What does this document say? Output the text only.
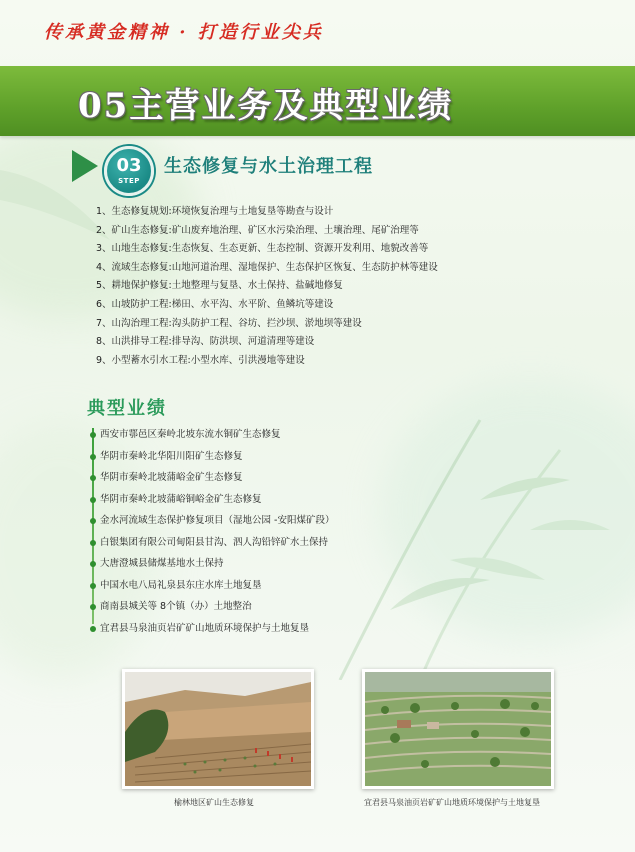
传承黄金精神 · 打造行业尖兵
05主营业务及典型业绩
03
STEP
生态修复与水土治理工程
1、生态修复规划:环境恢复治理与土地复垦等勘查与设计
2、矿山生态修复:矿山废弃地治理、矿区水污染治理、土壤治理、尾矿治理等
3、山地生态修复:生态恢复、生态更新、生态控制、资源开发利用、地貌改善等
4、流域生态修复:山地河道治理、湿地保护、生态保护区恢复、生态防护林等建设
5、耕地保护修复:土地整理与复垦、水土保持、盐碱地修复
6、山坡防护工程:梯田、水平沟、水平阶、鱼鳞坑等建设
7、山沟治理工程:沟头防护工程、谷坊、拦沙坝、淤地坝等建设
8、山洪排导工程:排导沟、防洪坝、河道清理等建设
9、小型蓄水引水工程:小型水库、引洪漫地等建设
典型业绩
西安市鄠邑区秦岭北坡东流水铜矿生态修复
华阴市秦岭北华阳川阳矿生态修复
华阴市秦岭北坡蒲峪金矿生态修复
华阴市秦岭北坡蒲峪铜峪金矿生态修复
金水河流域生态保护修复项目（湿地公园 -安阳煤矿段）
白银集团有限公司甸阳县甘沟、泗人沟铅锌矿水土保持
大唐澄城县储煤基地水土保持
中国水电八局礼泉县东庄水库土地复垦
商南县城关等 8个镇（办）土地整治
宜君县马泉油页岩矿矿山地质环境保护与土地复垦
榆林地区矿山生态修复	宜君县马泉油页岩矿矿山地质环境保护与土地复垦
